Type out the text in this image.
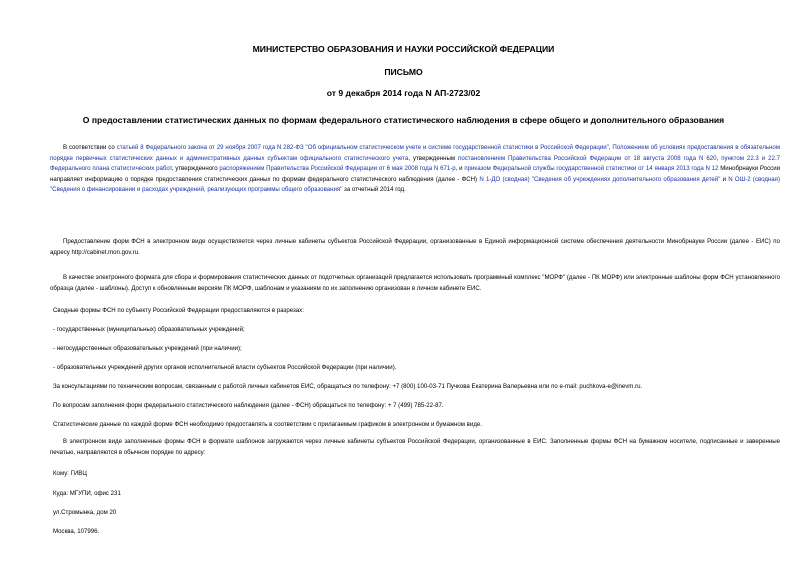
МИНИСТЕРСТВО ОБРАЗОВАНИЯ И НАУКИ РОССИЙСКОЙ ФЕДЕРАЦИИ
ПИСЬМО
от 9 декабря 2014 года N АП-2723/02
О предоставлении статистических данных по формам федерального статистического наблюдения в сфере общего и дополнительного образования

В соответствии со статьей 8 Федерального закона от 29 ноября 2007 года N 282-ФЗ "Об официальном статистическом учете и системе государственной статистики в Российской Федерации", Положением об условиях предоставления в обязательном порядке первичных статистических данных и административных данных субъектам официального статистического учета, утвержденным постановлением Правительства Российской Федерации от 18 августа 2008 года N 620, пунктом 22.3 и 22.7 Федерального плана статистических работ, утвержденного распоряжением Правительства Российской Федерации от 6 мая 2008 года N 671-р, и приказом Федеральной службы государственной статистики от 14 января 2013 года N 12 Минобрнауки России направляет информацию о порядке предоставления статистических данных по формам федерального статистического наблюдения (далее - ФСН) N 1-ДО (сводная) "Сведения об учреждениях дополнительного образования детей" и N ОШ-2 (сводная) "Сведения о финансировании и расходах учреждений, реализующих программы общего образования" за отчетный 2014 год.

Предоставление форм ФСН в электронном виде осуществляется через личные кабинеты субъектов Российской Федерации, организованные в Единой информационной системе обеспечения деятельности Минобрнауки России (далее - ЕИС) по адресу http://cabinet.mon.gov.ru.

В качестве электронного формата для сбора и формирования статистических данных от подотчетных организаций предлагается использовать программный комплекс "МОРФ" (далее - ПК МОРФ) или электронные шаблоны форм ФСН установленного образца (далее - шаблоны). Доступ к обновленным версиям ПК МОРФ, шаблонам и указаниям по их заполнению организован в личном кабинете ЕИС.

Сводные формы ФСН по субъекту Российской Федерации предоставляются в разрезах:
- государственных (муниципальных) образовательных учреждений;
- негосударственных образовательных учреждений (при наличии);
- образовательных учреждений других органов исполнительной власти субъектов Российской Федерации (при наличии).
За консультациями по техническим вопросам, связанным с работой личных кабинетов ЕИС, обращаться по телефону: +7 (800) 100-03-71 Пучкова Екатерина Валерьевна или по e-mail: puchkova-e@inevm.ru.
По вопросам заполнения форм федерального статистического наблюдения (далее - ФСН) обращаться по телефону: + 7 (499) 785-22-87.
Статистические данные по каждой форме ФСН необходимо предоставлять в соответствии с прилагаемым графиком в электронном и бумажном виде.

В электронном виде заполненные формы ФСН в формате шаблонов загружаются через личные кабинеты субъектов Российской Федерации, организованные в ЕИС. Заполненные формы ФСН на бумажном носителе, подписанные и заверенные печатью, направляются в обычном порядке по адресу:

Кому: ГИВЦ
Куда: МГУПИ, офис 231
ул.Стромынка, дом 20
Москва, 107996.
